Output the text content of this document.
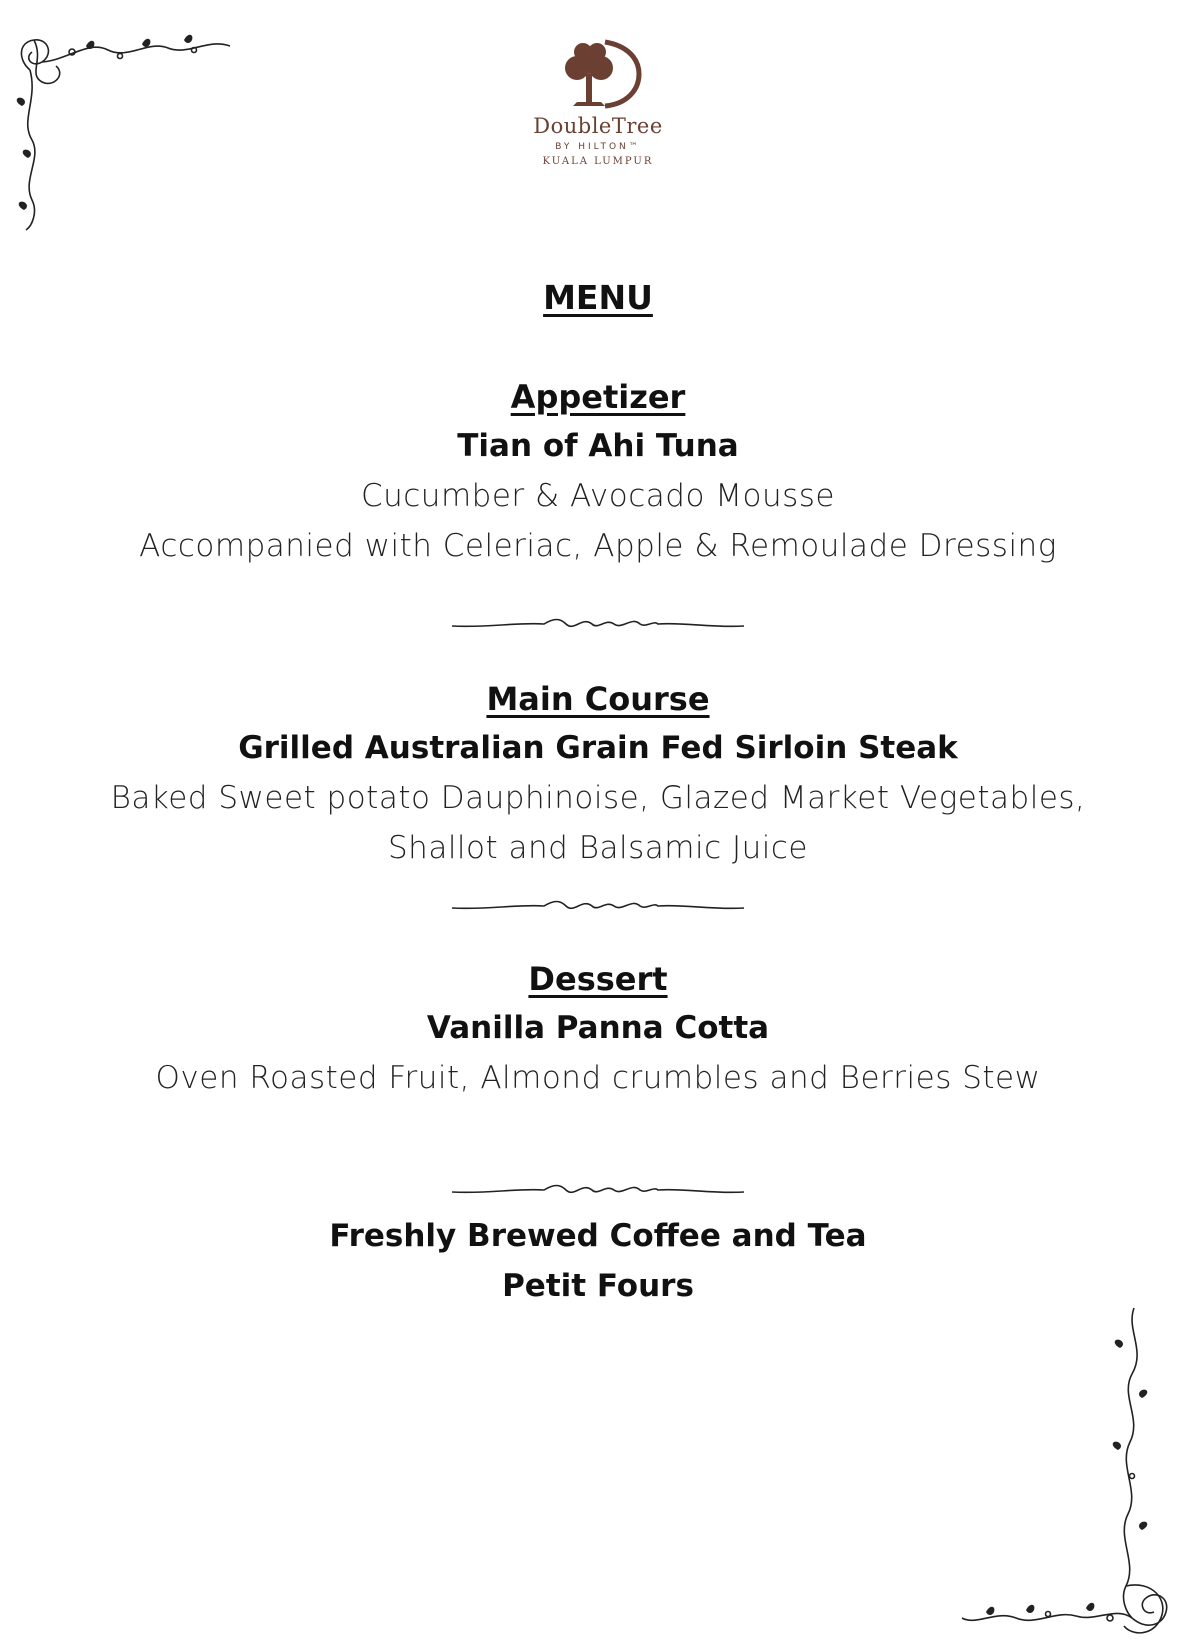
DoubleTree
BY HILTON™
KUALA LUMPUR
MENU
Appetizer
Tian of Ahi Tuna
Cucumber & Avocado Mousse
Accompanied with Celeriac, Apple & Remoulade Dressing
Main Course
Grilled Australian Grain Fed Sirloin Steak
Baked Sweet potato Dauphinoise, Glazed Market Vegetables,
Shallot and Balsamic Juice
Dessert
Vanilla Panna Cotta
Oven Roasted Fruit, Almond crumbles and Berries Stew
Freshly Brewed Coffee and Tea
Petit Fours
